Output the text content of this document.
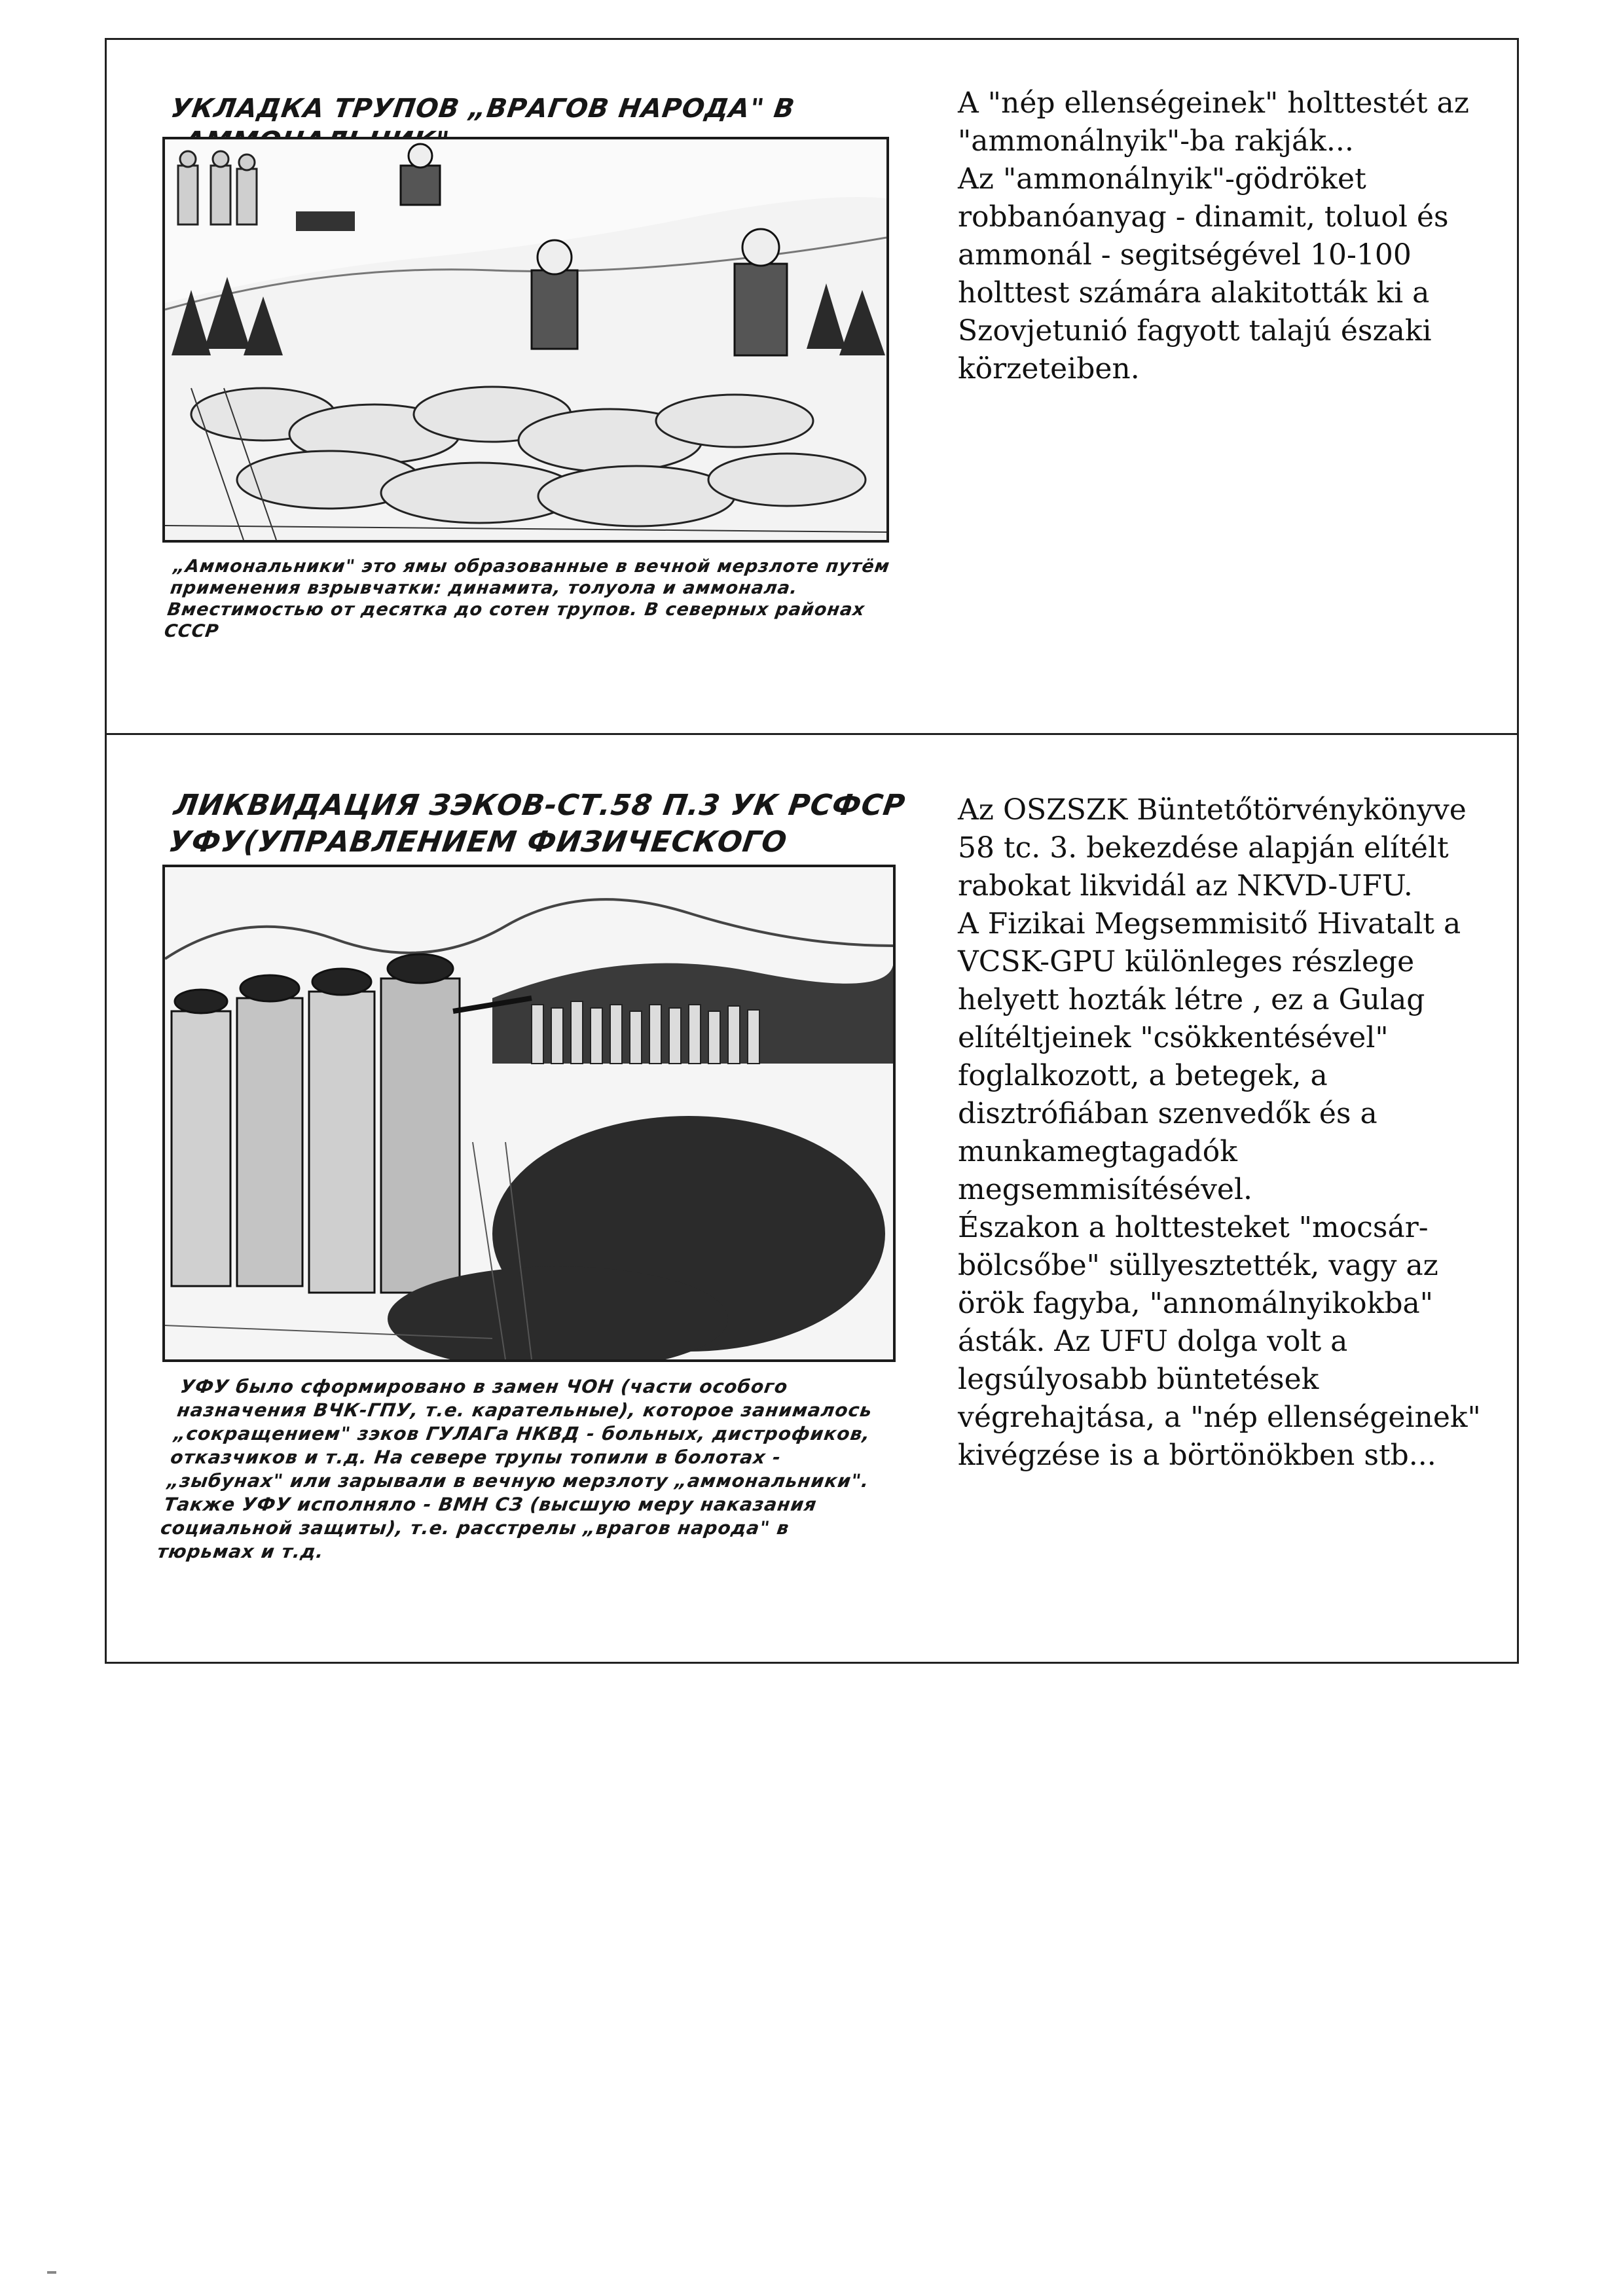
УКЛАДКА ТРУПОВ „ВРАГОВ НАРОДА" В
„Аммональники" это ямы образованные в вечной мерзлоте путём применения взрывчатки: динамита, толуола и аммонала. Вместимостью от десятка до сотен трупов. В северных районах СССР
A "nép ellenségeinek" holttestét az "ammonálnyik"-ba rakják...
Az "ammonálnyik"-gödröket robbanóanyag - dinamit, toluol és ammonál - segitségével 10-100 holttest számára alakitották ki a Szovjetunió fagyott talajú északi körzeteiben.
ЛИКВИДАЦИЯ ЗЭКОВ-СТ.58 П.3 УК РСФСР УФУ(УПРАВЛЕНИЕМ ФИЗИЧЕСКОГО
УФУ было сформировано в замен ЧОН (части особого назначения ВЧК-ГПУ, т.е. карательные), которое занималось „сокращением" зэков ГУЛАГа НКВД - больных, дистрофиков, отказчиков и т.д. На севере трупы топили в болотах - „зыбунах" или зарывали в вечную мерзлоту „аммональники". Также УФУ исполняло - ВМН СЗ (высшую меру наказания социальной защиты), т.е. расстрелы „врагов народа" в тюрьмах и т.д.
Az OSZSZK Büntetőtörvénykönyve 58 tc. 3. bekezdése alapján elítélt rabokat likvidál az NKVD-UFU.
A Fizikai Megsemmisitő Hivatalt a VCSK-GPU különleges részlege helyett hozták létre , ez a Gulag elítéltjeinek "csökkentésével" foglalkozott, a betegek, a disztrófiában szenvedők és a munkamegtagadók megsemmisítésével.
Északon a holttesteket "mocsár-bölcsőbe" süllyesztették, vagy az örök fagyba, "annomálnyikokba" ásták. Az UFU dolga volt a legsúlyosabb büntetések végrehajtása, a "nép ellenségeinek" kivégzése is a börtönökben stb...
